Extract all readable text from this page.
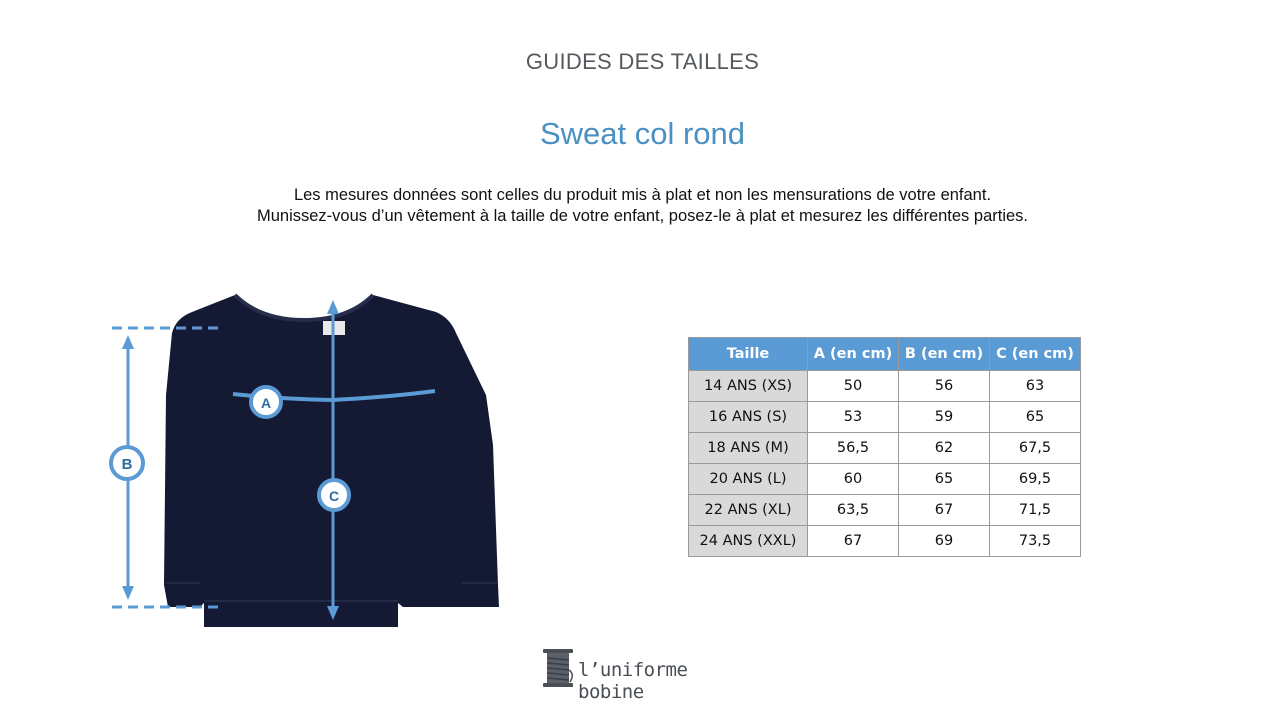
GUIDES DES TAILLES
Sweat col rond

Les mesures données sont celles du produit mis à plat et non les mensurations de votre enfant.

Munissez-vous d’un vêtement à la taille de votre enfant, posez-le à plat et mesurez les différentes parties.

B
A
C
Taille	A (en cm)	B (en cm)	C (en cm)
14 ANS (XS)	50	56	63
16 ANS (S)	53	59	65
18 ANS (M)	56,5	62	67,5
20 ANS (L)	60	65	69,5
22 ANS (XL)	63,5	67	71,5
24 ANS (XXL)	67	69	73,5
l’uniforme bobine
